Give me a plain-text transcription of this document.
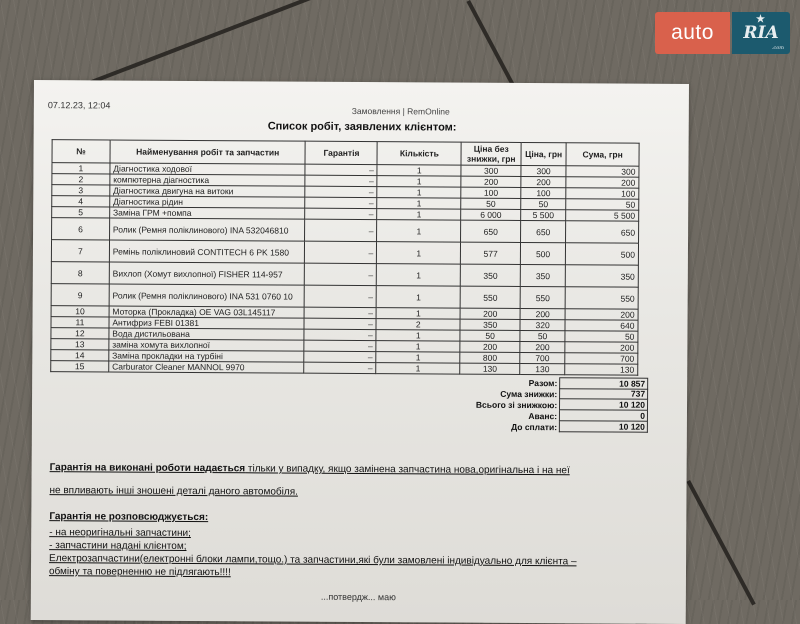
07.12.23, 12:04
Замовлення | RemOnline
Список робіт, заявлених клієнтом:
№	Найменування робіт та запчастин	Гарантія	Кількість	Ціна без знижки, грн	Ціна, грн	Сума, грн
1	Діагностика ходової	–	1	300	300	300
2	компютерна діагностика	–	1	200	200	200
3	Діагностика двигуна на витоки	–	1	100	100	100
4	Діагностика рідин	–	1	50	50	50
5	Заміна ГРМ +помпа	–	1	6 000	5 500	5 500
6	Ролик (Ремня поліклинового) INA 532046810	–	1	650	650	650
7	Ремінь поліклиновий CONTITECH 6 PK 1580	–	1	577	500	500
8	Вихлоп (Хомут вихлопної) FISHER 114-957	–	1	350	350	350
9	Ролик (Ремня поліклинового) INA 531 0760 10	–	1	550	550	550
10	Моторка (Прокладка) OE VAG 03L145117	–	1	200	200	200
11	Антифриз FEBI 01381	–	2	350	320	640
12	Вода дистильована	–	1	50	50	50
13	заміна хомута вихлопної	–	1	200	200	200
14	Заміна прокладки на турбіні	–	1	800	700	700
15	Carburator Cleaner MANNOL 9970	–	1	130	130	130
Разом:	10 857
Сума знижки:	737
Всього зі знижкою:	10 120
Аванс:	0
До сплати:	10 120
Гарантія на виконані роботи надається тільки у випадку, якщо замінена запчастина нова,оригінальна і на неї
не впливають інші зношені деталі даного автомобіля.
Гарантія не розповсюджується:
- на неоригінальні запчастини;
- запчастини надані клієнтом;
Електрозапчастини(електронні блоки лампи,тощо.) та запчастини,які були замовлені індивідуально для клієнта –
обміну та поверненню не підлягають!!!!
...потвердж... маю
auto
★
RIA
.com
